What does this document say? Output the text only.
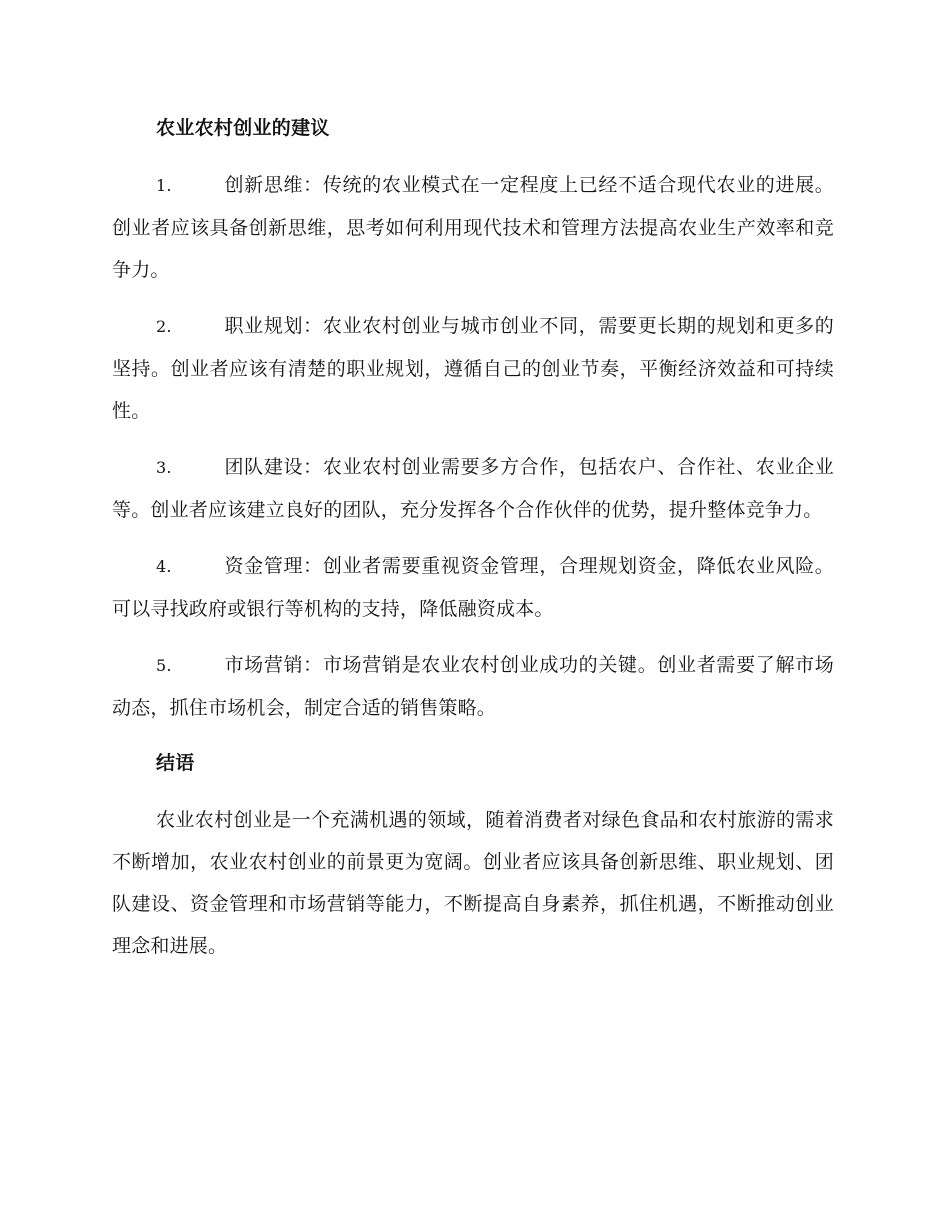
农业农村创业的建议

1.	创新思维：传统的农业模式在一定程度上已经不适合现代农业的进展。创业者应该具备创新思维，思考如何利用现代技术和管理方法提高农业生产效率和竞争力。

2.	职业规划：农业农村创业与城市创业不同，需要更长期的规划和更多的坚持。创业者应该有清楚的职业规划，遵循自己的创业节奏，平衡经济效益和可持续性。

3.	团队建设：农业农村创业需要多方合作，包括农户、合作社、农业企业等。创业者应该建立良好的团队，充分发挥各个合作伙伴的优势，提升整体竞争力。

4.	资金管理：创业者需要重视资金管理，合理规划资金，降低农业风险。可以寻找政府或银行等机构的支持，降低融资成本。

5.	市场营销：市场营销是农业农村创业成功的关键。创业者需要了解市场动态，抓住市场机会，制定合适的销售策略。

结语

农业农村创业是一个充满机遇的领域，随着消费者对绿色食品和农村旅游的需求不断增加，农业农村创业的前景更为宽阔。创业者应该具备创新思维、职业规划、团队建设、资金管理和市场营销等能力，不断提高自身素养，抓住机遇，不断推动创业理念和进展。
